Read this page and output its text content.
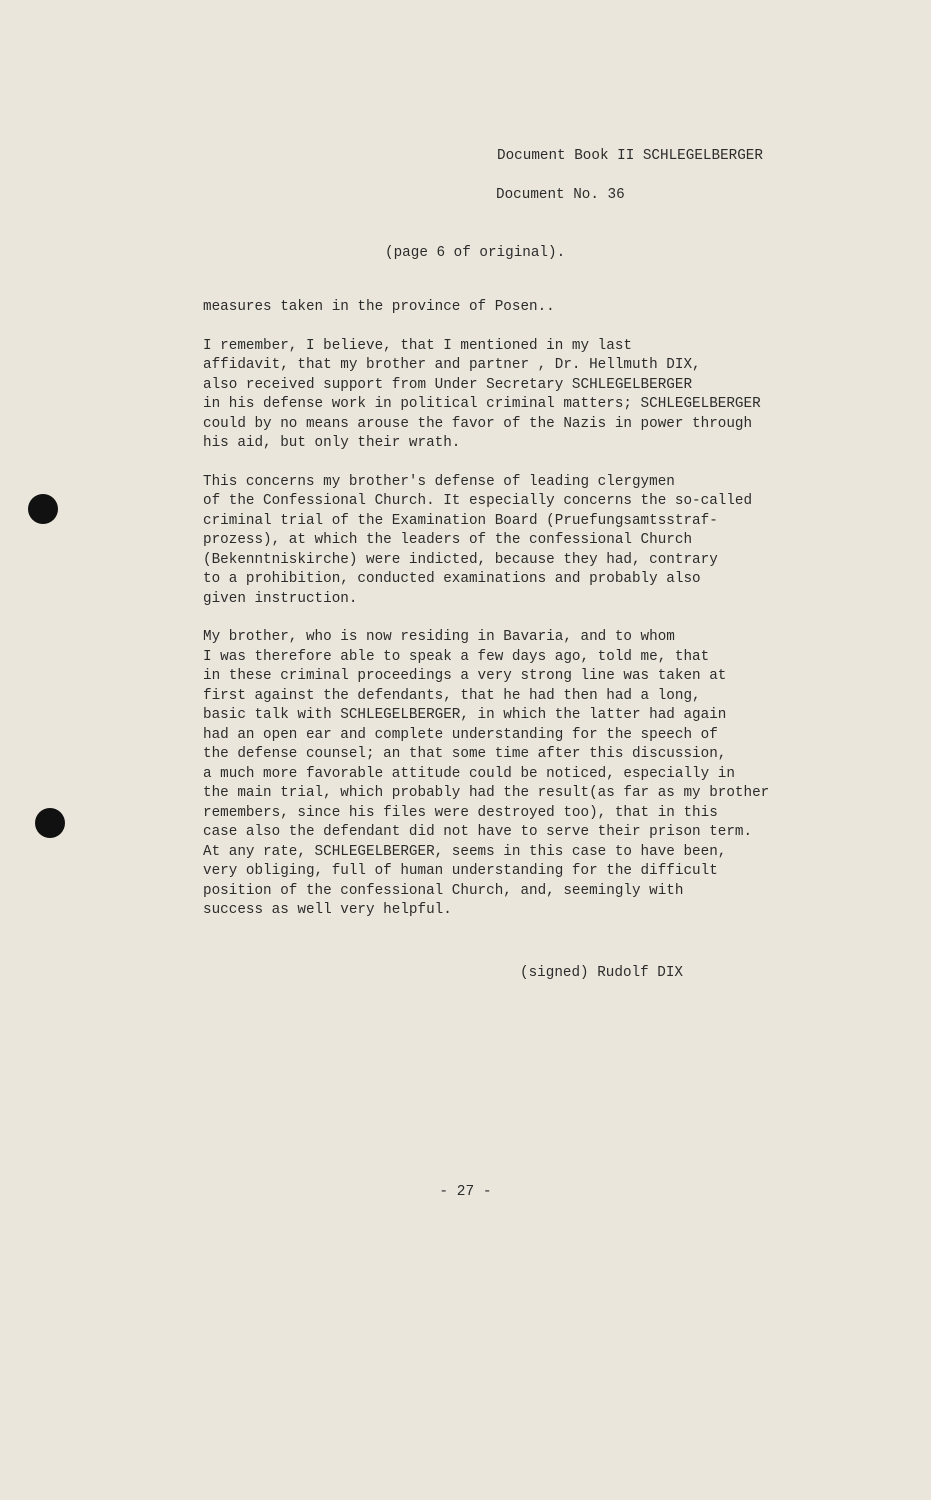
Document Book II SCHLEGELBERGER
Document No. 36
(page 6 of original).

measures taken in the province of Posen..

I remember, I believe, that I mentioned in my last
affidavit, that my brother and partner , Dr. Hellmuth DIX,
also received support from Under Secretary SCHLEGELBERGER
in his defense work in political criminal matters; SCHLEGELBERGER
could by no means arouse the favor of the Nazis in power through
his aid, but only their wrath.

This concerns my brother's defense of leading clergymen
of the Confessional Church. It especially concerns the so-called
criminal trial of the Examination Board (Pruefungsamtsstraf-
prozess), at which the leaders of the confessional Church
(Bekenntniskirche) were indicted, because they had, contrary
to a prohibition, conducted examinations and probably also
given instruction.

My brother, who is now residing in Bavaria, and to whom
I was therefore able to speak a few days ago, told me, that
in these criminal proceedings a very strong line was taken at
first against the defendants, that he had then had a long,
basic talk with SCHLEGELBERGER, in which the latter had again
had an open ear and complete understanding for the speech of
the defense counsel; an that some time after this discussion,
a much more favorable attitude could be noticed, especially in
the main trial, which probably had the result(as far as my brother
remembers, since his files were destroyed too), that in this
case also the defendant did not have to serve their prison term.
At any rate, SCHLEGELBERGER, seems in this case to have been,
very obliging, full of human understanding for the difficult
position of the confessional Church, and, seemingly with
success as well very helpful.

(signed) Rudolf DIX
- 27 -
